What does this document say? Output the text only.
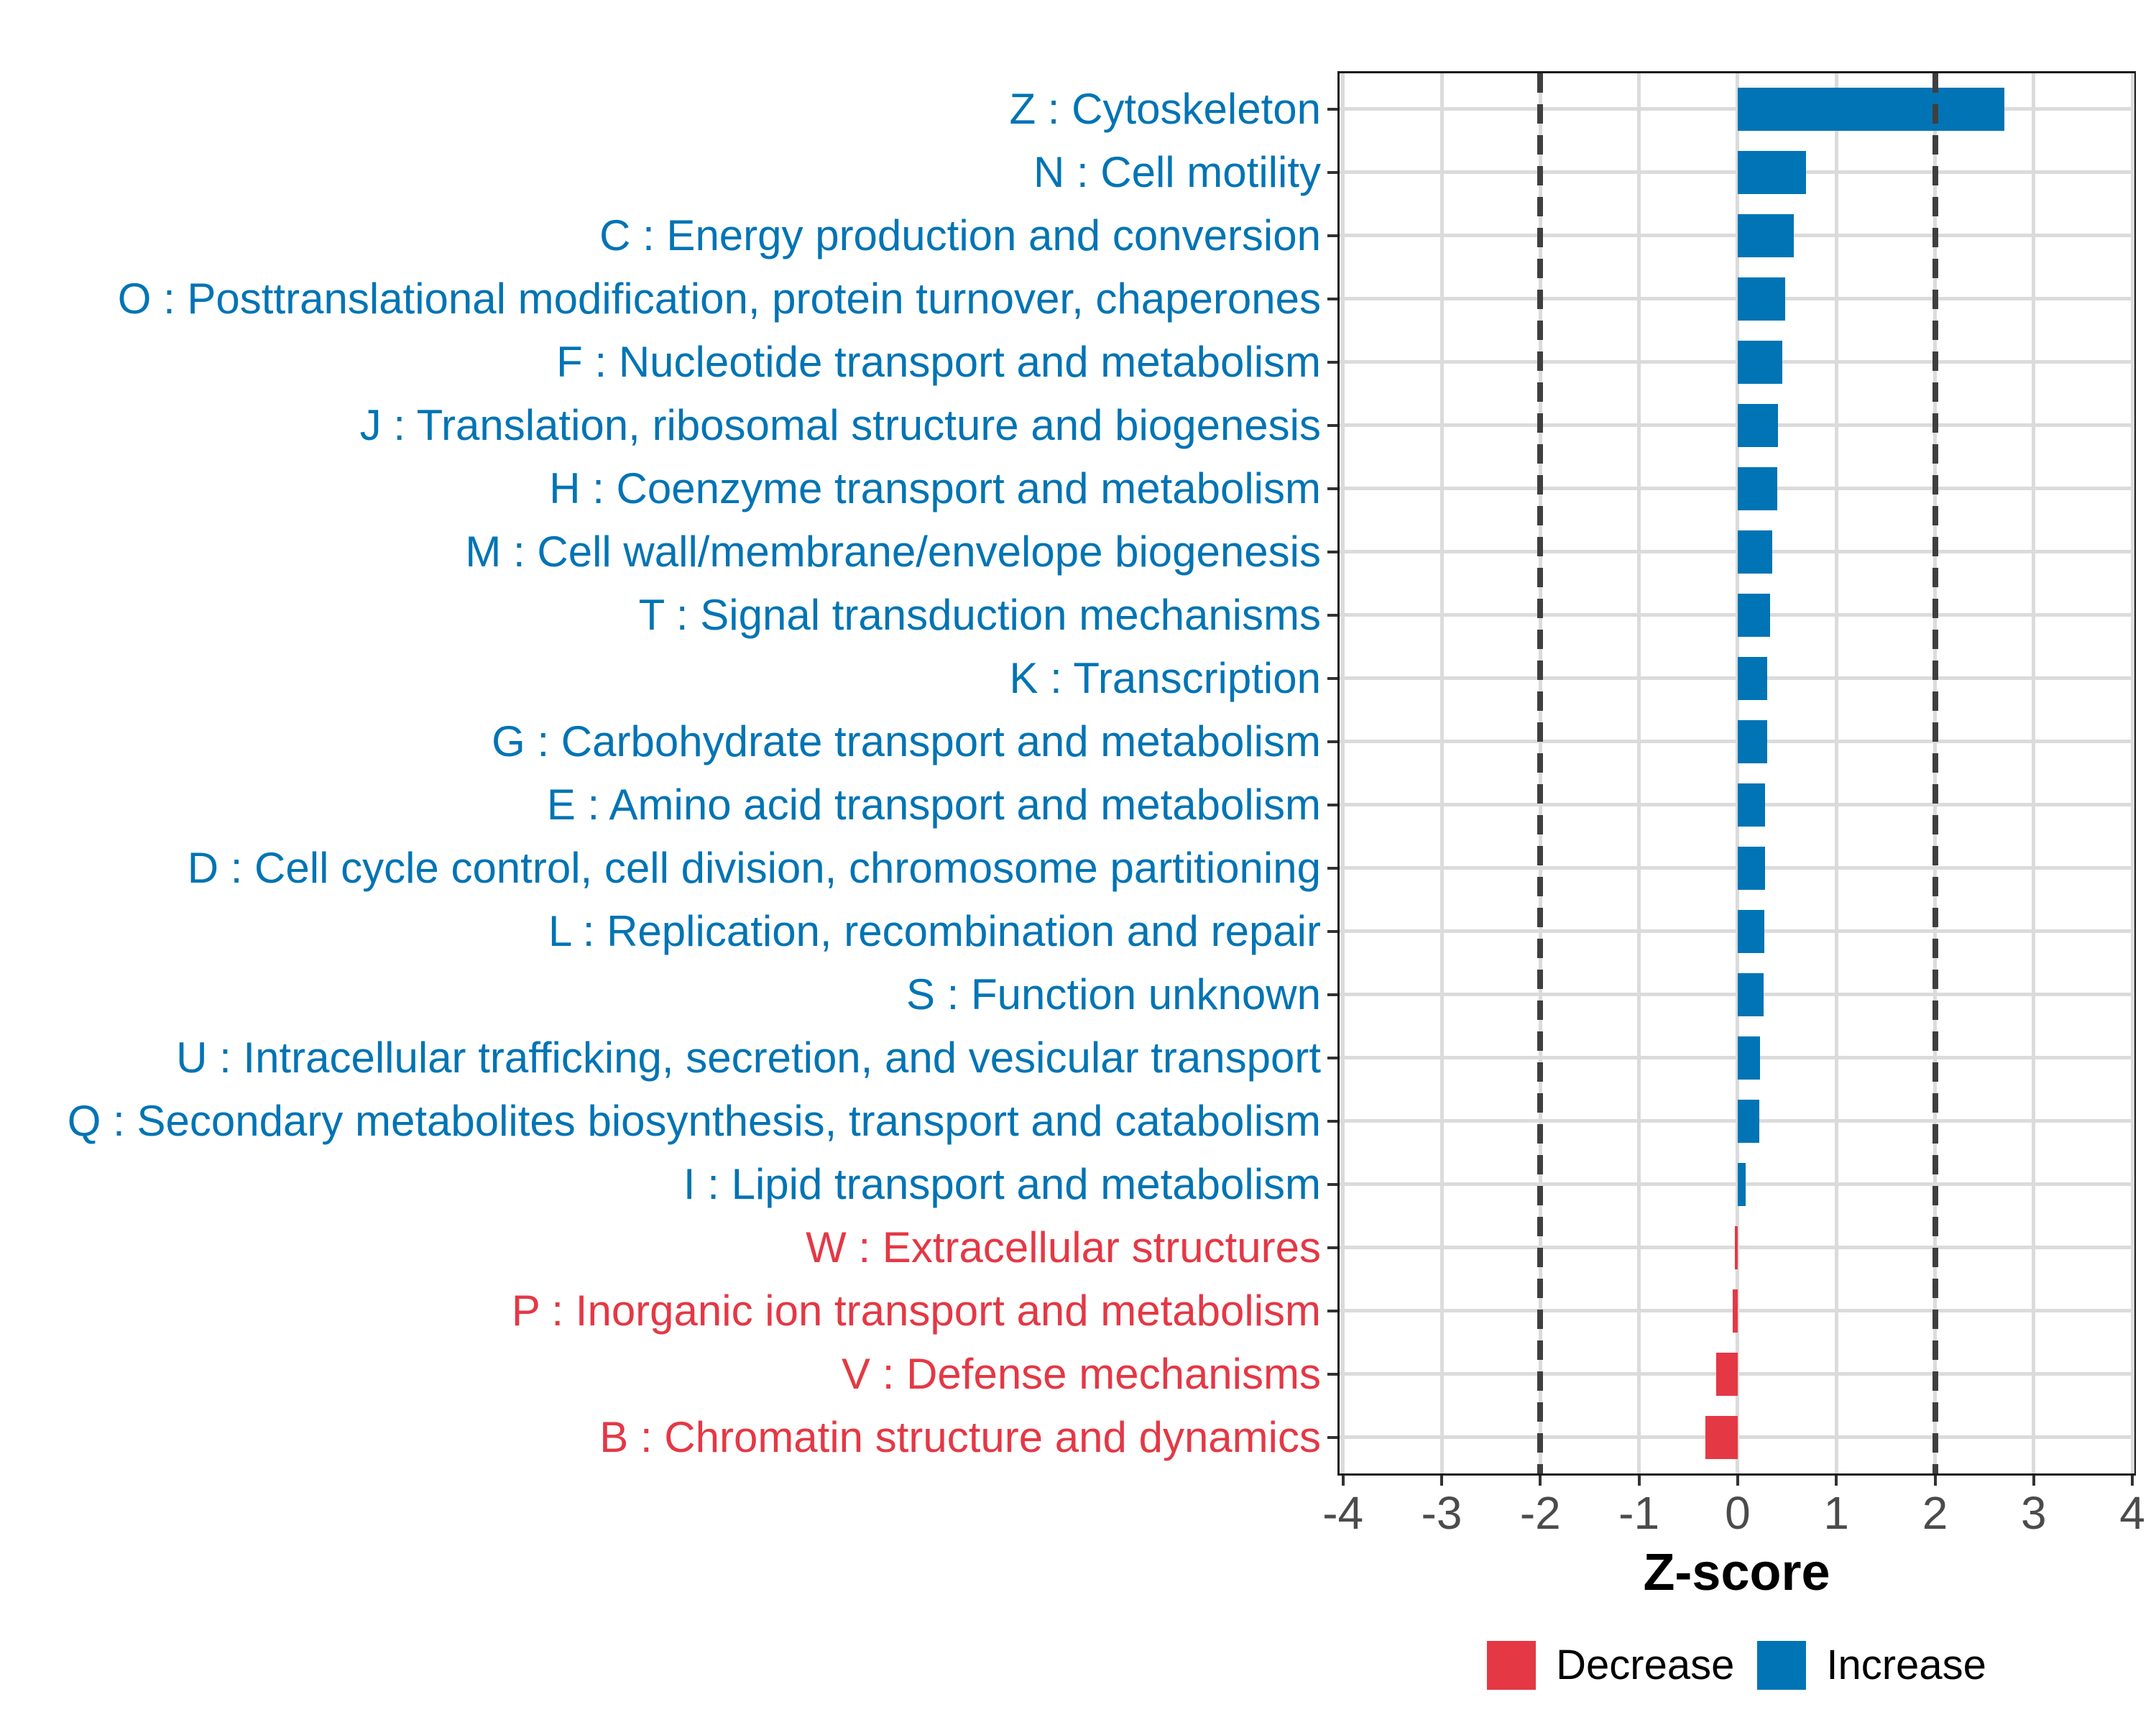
Z : Cytoskeleton
N : Cell motility
C : Energy production and conversion
O : Posttranslational modification, protein turnover, chaperones
F : Nucleotide transport and metabolism
J : Translation, ribosomal structure and biogenesis
H : Coenzyme transport and metabolism
M : Cell wall/membrane/envelope biogenesis
T : Signal transduction mechanisms
K : Transcription
G : Carbohydrate transport and metabolism
E : Amino acid transport and metabolism
D : Cell cycle control, cell division, chromosome partitioning
L : Replication, recombination and repair
S : Function unknown
U : Intracellular trafficking, secretion, and vesicular transport
Q : Secondary metabolites biosynthesis, transport and catabolism
I : Lipid transport and metabolism
W : Extracellular structures
P : Inorganic ion transport and metabolism
V : Defense mechanisms
B : Chromatin structure and dynamics
-4	-3	-2	-1	0	1	2	3	4
Z-score
Decrease Increase
